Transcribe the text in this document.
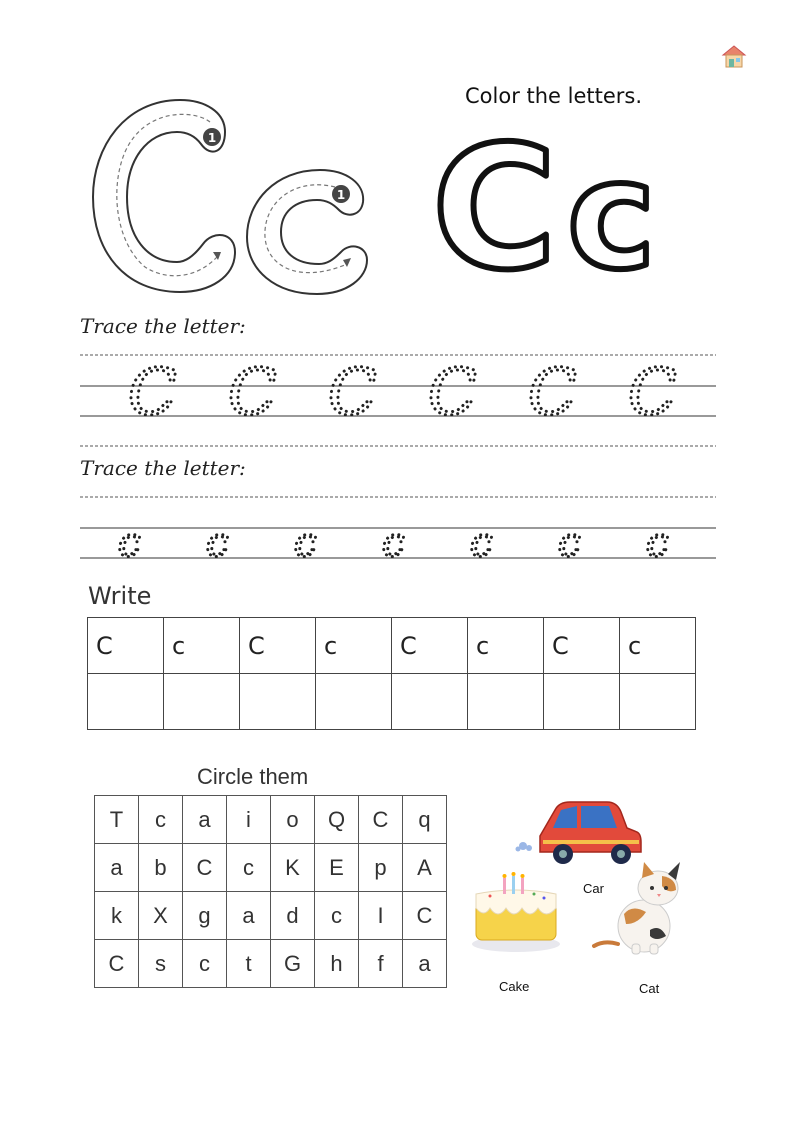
1
1
Color the letters.
C c
Trace the letter:
C C C C C C
Trace the letter:
c c c c c c c
Write
C	c	C	c	C	c	C	c

Circle them
T	c	a	i	o	Q	C	q
a	b	C	c	K	E	p	A
k	X	g	a	d	c	I	C
C	s	c	t	G	h	f	a
Car
Cake	Cat
